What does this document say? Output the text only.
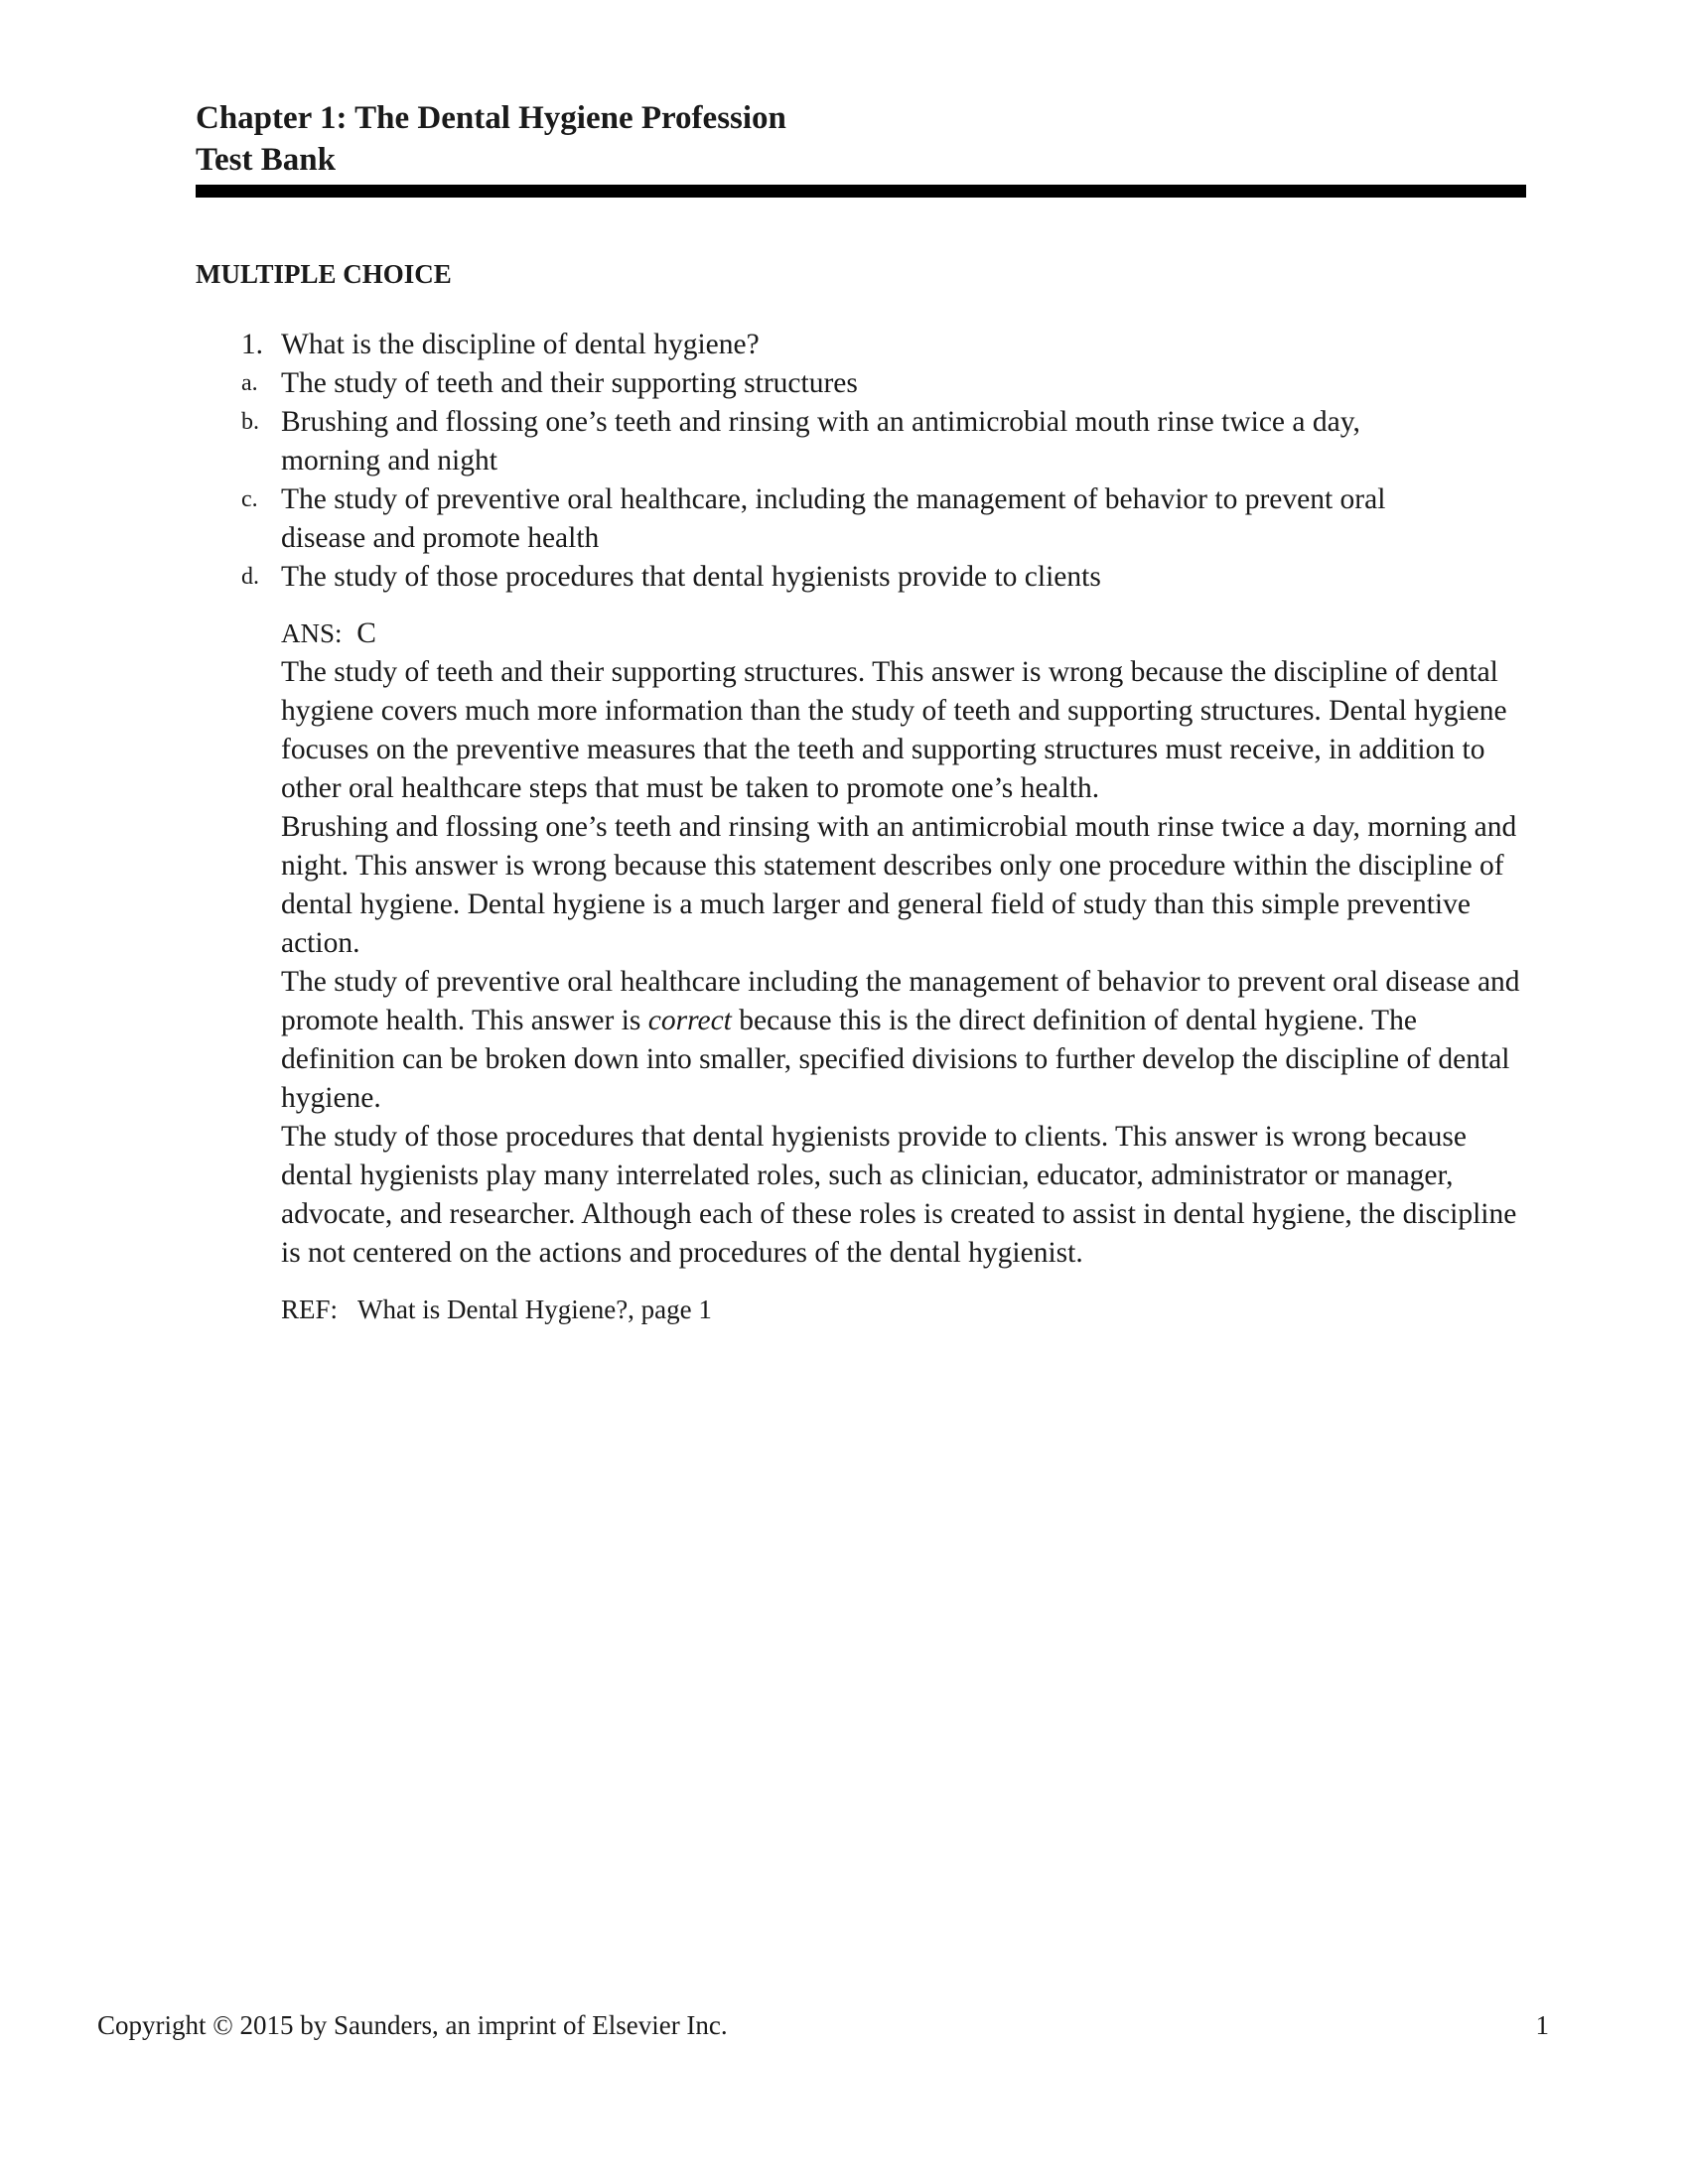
Chapter 1: The Dental Hygiene Profession
Test Bank
MULTIPLE CHOICE
1. What is the discipline of dental hygiene?
a. The study of teeth and their supporting structures
b. Brushing and flossing one’s teeth and rinsing with an antimicrobial mouth rinse twice a day, morning and night
c. The study of preventive oral healthcare, including the management of behavior to prevent oral disease and promote health
d. The study of those procedures that dental hygienists provide to clients
ANS: C

The study of teeth and their supporting structures. This answer is wrong because the discipline of dental hygiene covers much more information than the study of teeth and supporting structures. Dental hygiene focuses on the preventive measures that the teeth and supporting structures must receive, in addition to other oral healthcare steps that must be taken to promote one’s health.

Brushing and flossing one’s teeth and rinsing with an antimicrobial mouth rinse twice a day, morning and night. This answer is wrong because this statement describes only one procedure within the discipline of dental hygiene. Dental hygiene is a much larger and general field of study than this simple preventive action.

The study of preventive oral healthcare including the management of behavior to prevent oral disease and promote health. This answer is correct because this is the direct definition of dental hygiene. The definition can be broken down into smaller, specified divisions to further develop the discipline of dental hygiene.

The study of those procedures that dental hygienists provide to clients. This answer is wrong because dental hygienists play many interrelated roles, such as clinician, educator, administrator or manager, advocate, and researcher. Although each of these roles is created to assist in dental hygiene, the discipline is not centered on the actions and procedures of the dental hygienist.

REF: What is Dental Hygiene?, page 1
Copyright © 2015 by Saunders, an imprint of Elsevier Inc.	1
